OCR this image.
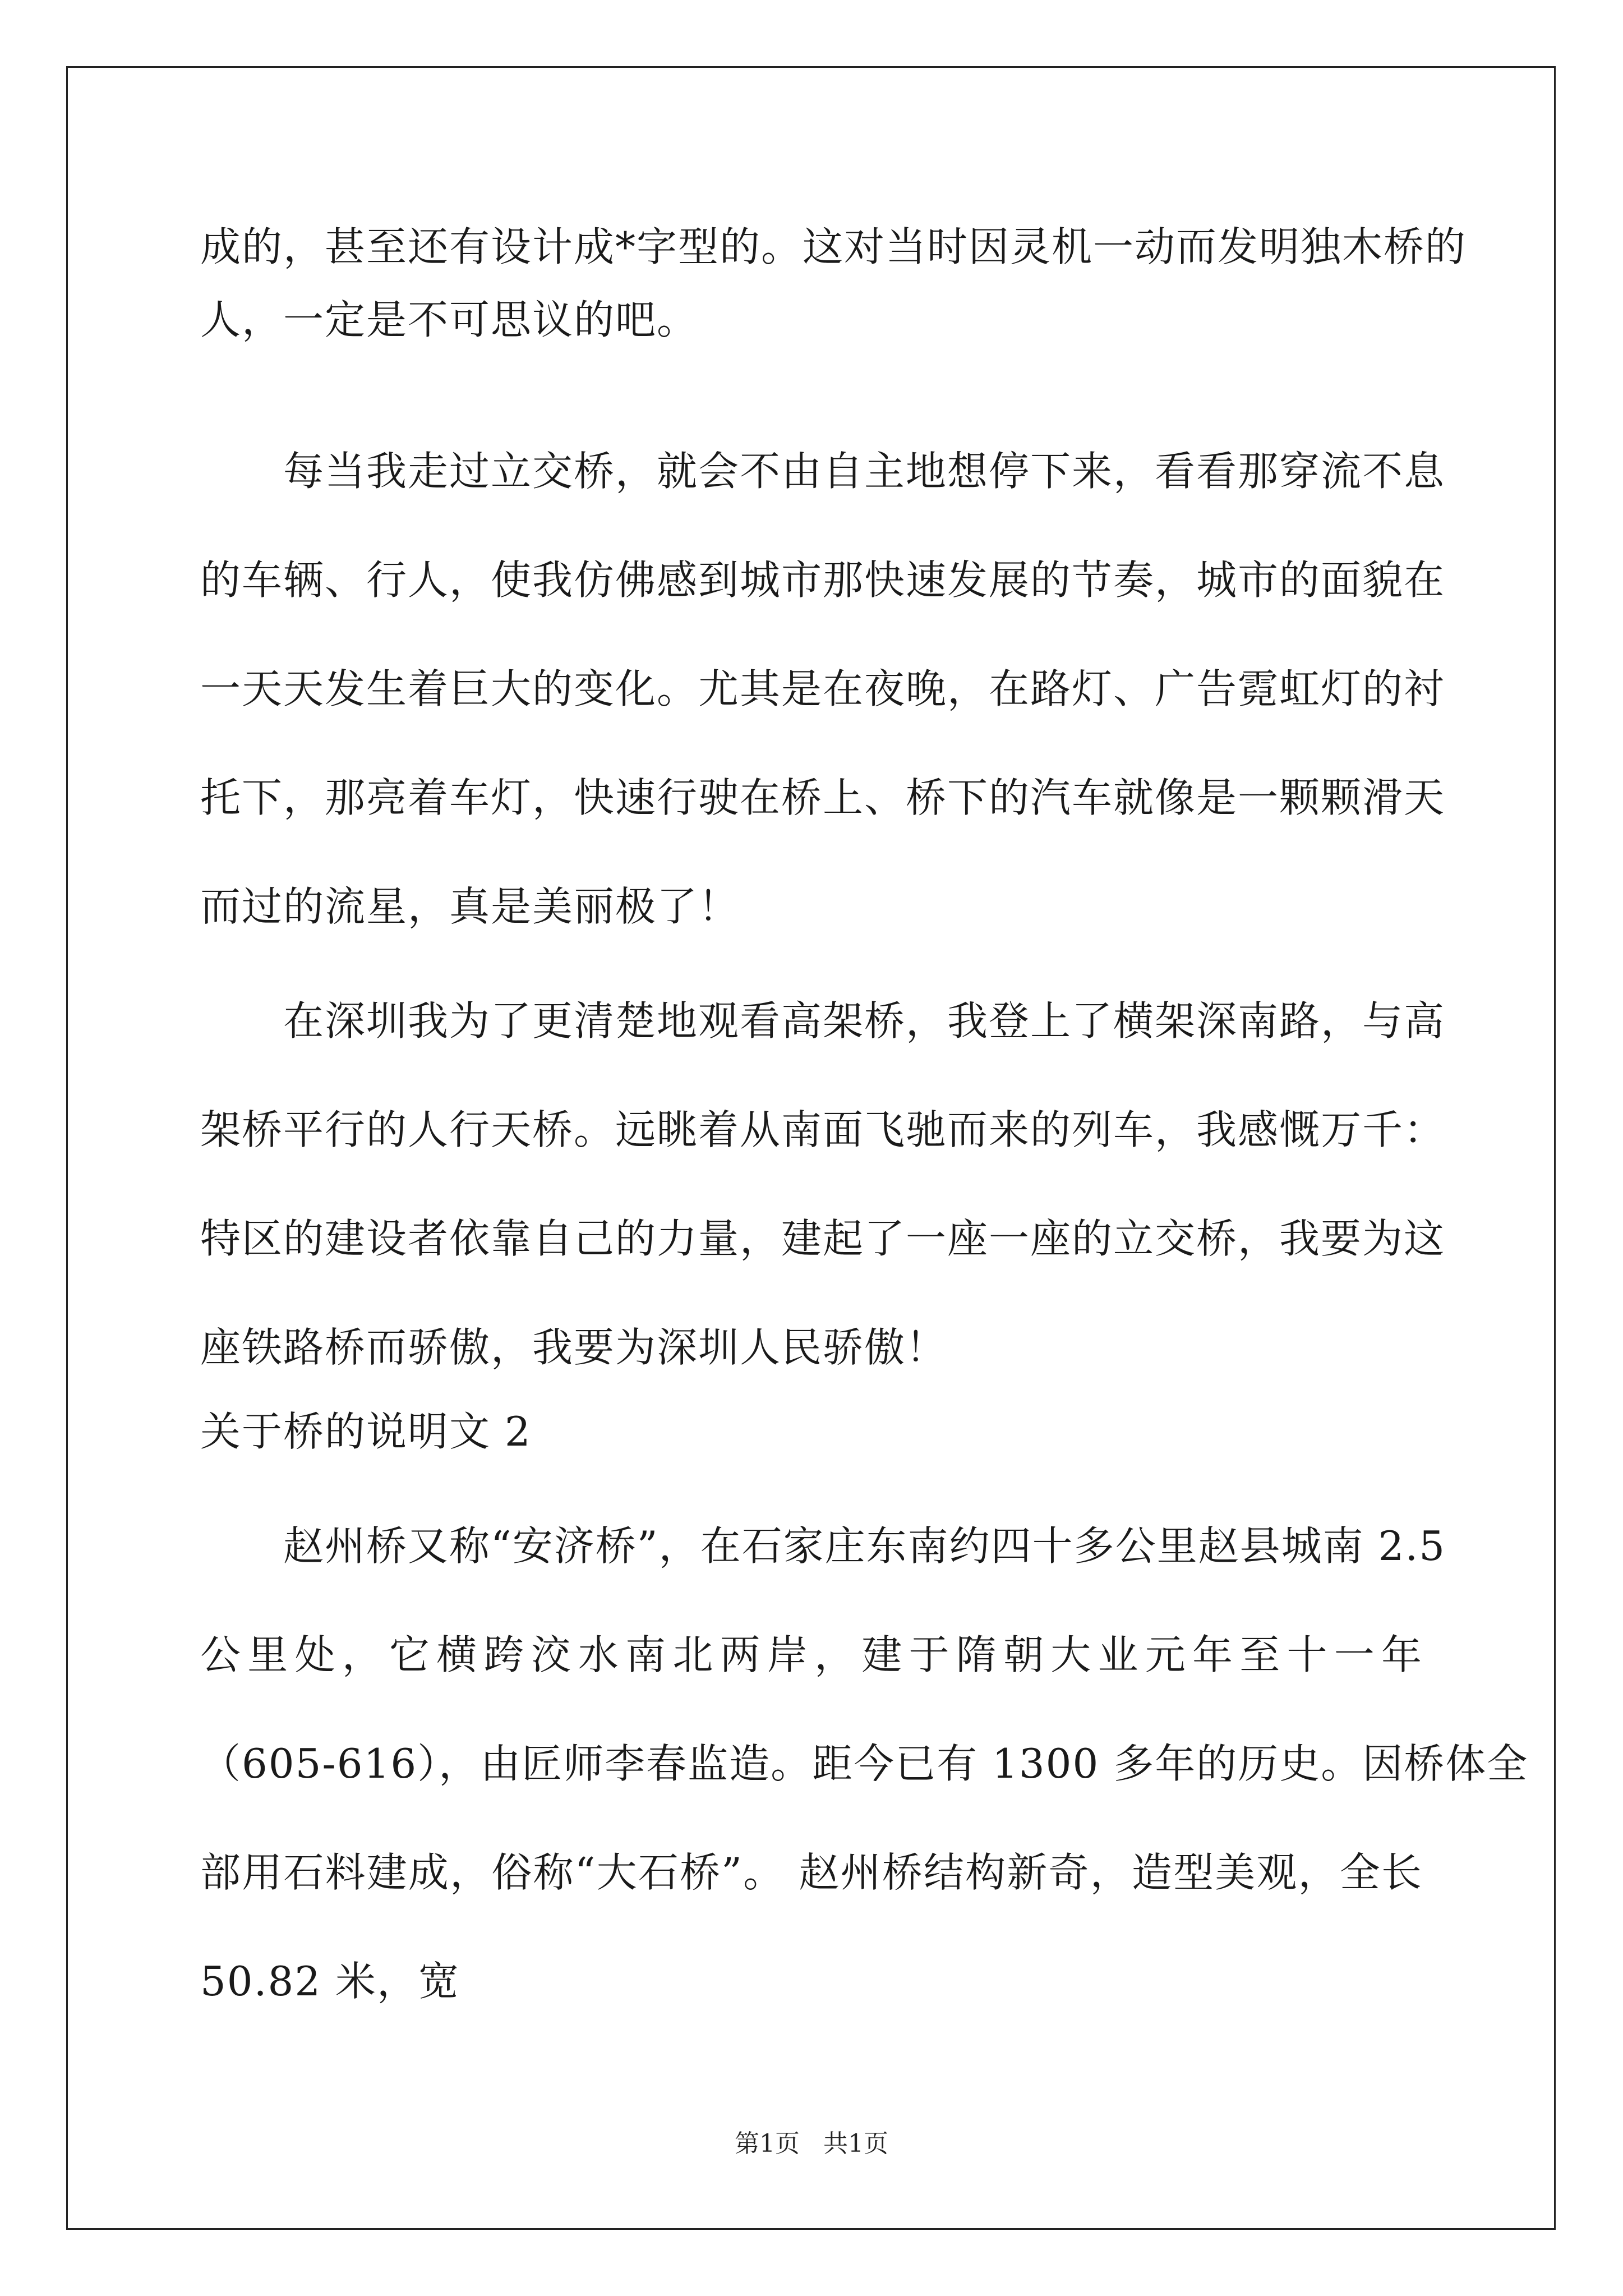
成的，甚至还有设计成*字型的。这对当时因灵机一动而发明独木桥的
人，一定是不可思议的吧。
每当我走过立交桥，就会不由自主地想停下来，看看那穿流不息
的车辆、行人，使我仿佛感到城市那快速发展的节奏，城市的面貌在
一天天发生着巨大的变化。尤其是在夜晚，在路灯、广告霓虹灯的衬
托下，那亮着车灯，快速行驶在桥上、桥下的汽车就像是一颗颗滑天
而过的流星，真是美丽极了！
在深圳我为了更清楚地观看高架桥，我登上了横架深南路，与高
架桥平行的人行天桥。远眺着从南面飞驰而来的列车，我感慨万千：
特区的建设者依靠自己的力量，建起了一座一座的立交桥，我要为这
座铁路桥而骄傲，我要为深圳人民骄傲！
关于桥的说明文 2
赵州桥又称“安济桥”，在石家庄东南约四十多公里赵县城南 2.5
公里处，它横跨洨水南北两岸，建于隋朝大业元年至十一年
（605-616），由匠师李春监造。距今已有 1300 多年的历史。因桥体全
部用石料建成，俗称“大石桥”。 赵州桥结构新奇，造型美观，全长
50.82 米，宽
第1页   共1页
